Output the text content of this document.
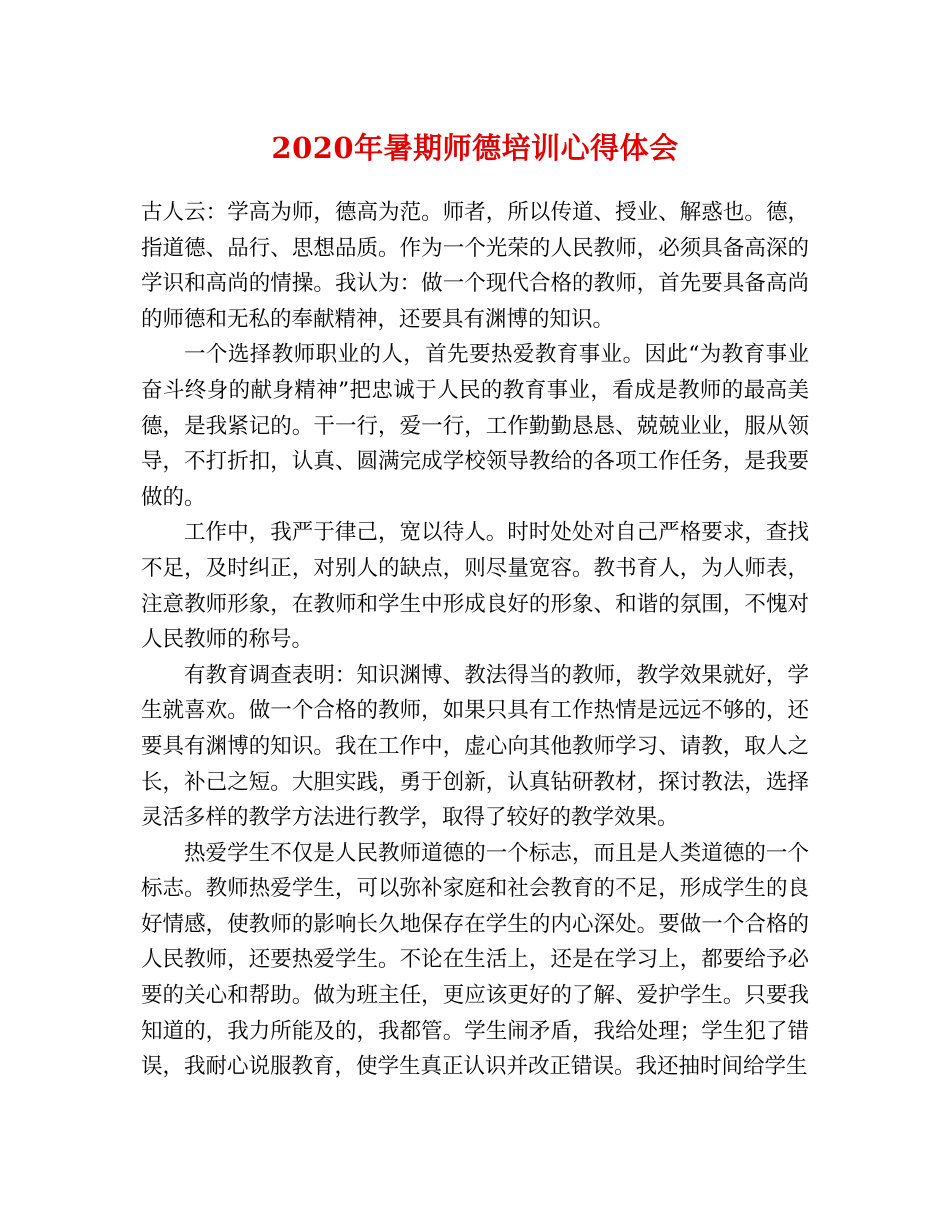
2020年暑期师德培训心得体会

古人云：学高为师，德高为范。师者，所以传道、授业、解惑也。德，指道德、品行、思想品质。作为一个光荣的人民教师，必须具备高深的学识和高尚的情操。我认为：做一个现代合格的教师，首先要具备高尚的师德和无私的奉献精神，还要具有渊博的知识。

一个选择教师职业的人，首先要热爱教育事业。因此“为教育事业奋斗终身的献身精神”把忠诚于人民的教育事业，看成是教师的最高美德，是我紧记的。干一行，爱一行，工作勤勤恳恳、兢兢业业，服从领导，不打折扣，认真、圆满完成学校领导教给的各项工作任务，是我要做的。

工作中，我严于律己，宽以待人。时时处处对自己严格要求，查找不足，及时纠正，对别人的缺点，则尽量宽容。教书育人，为人师表，注意教师形象，在教师和学生中形成良好的形象、和谐的氛围，不愧对人民教师的称号。

有教育调查表明：知识渊博、教法得当的教师，教学效果就好，学生就喜欢。做一个合格的教师，如果只具有工作热情是远远不够的，还要具有渊博的知识。我在工作中，虚心向其他教师学习、请教，取人之长，补己之短。大胆实践，勇于创新，认真钻研教材，探讨教法，选择灵活多样的教学方法进行教学，取得了较好的教学效果。

热爱学生不仅是人民教师道德的一个标志，而且是人类道德的一个标志。教师热爱学生，可以弥补家庭和社会教育的不足，形成学生的良好情感，使教师的影响长久地保存在学生的内心深处。要做一个合格的人民教师，还要热爱学生。不论在生活上，还是在学习上，都要给予必要的关心和帮助。做为班主任，更应该更好的了解、爱护学生。只要我知道的，我力所能及的，我都管。学生闹矛盾，我给处理；学生犯了错误，我耐心说服教育，使学生真正认识并改正错误。我还抽时间给学生
